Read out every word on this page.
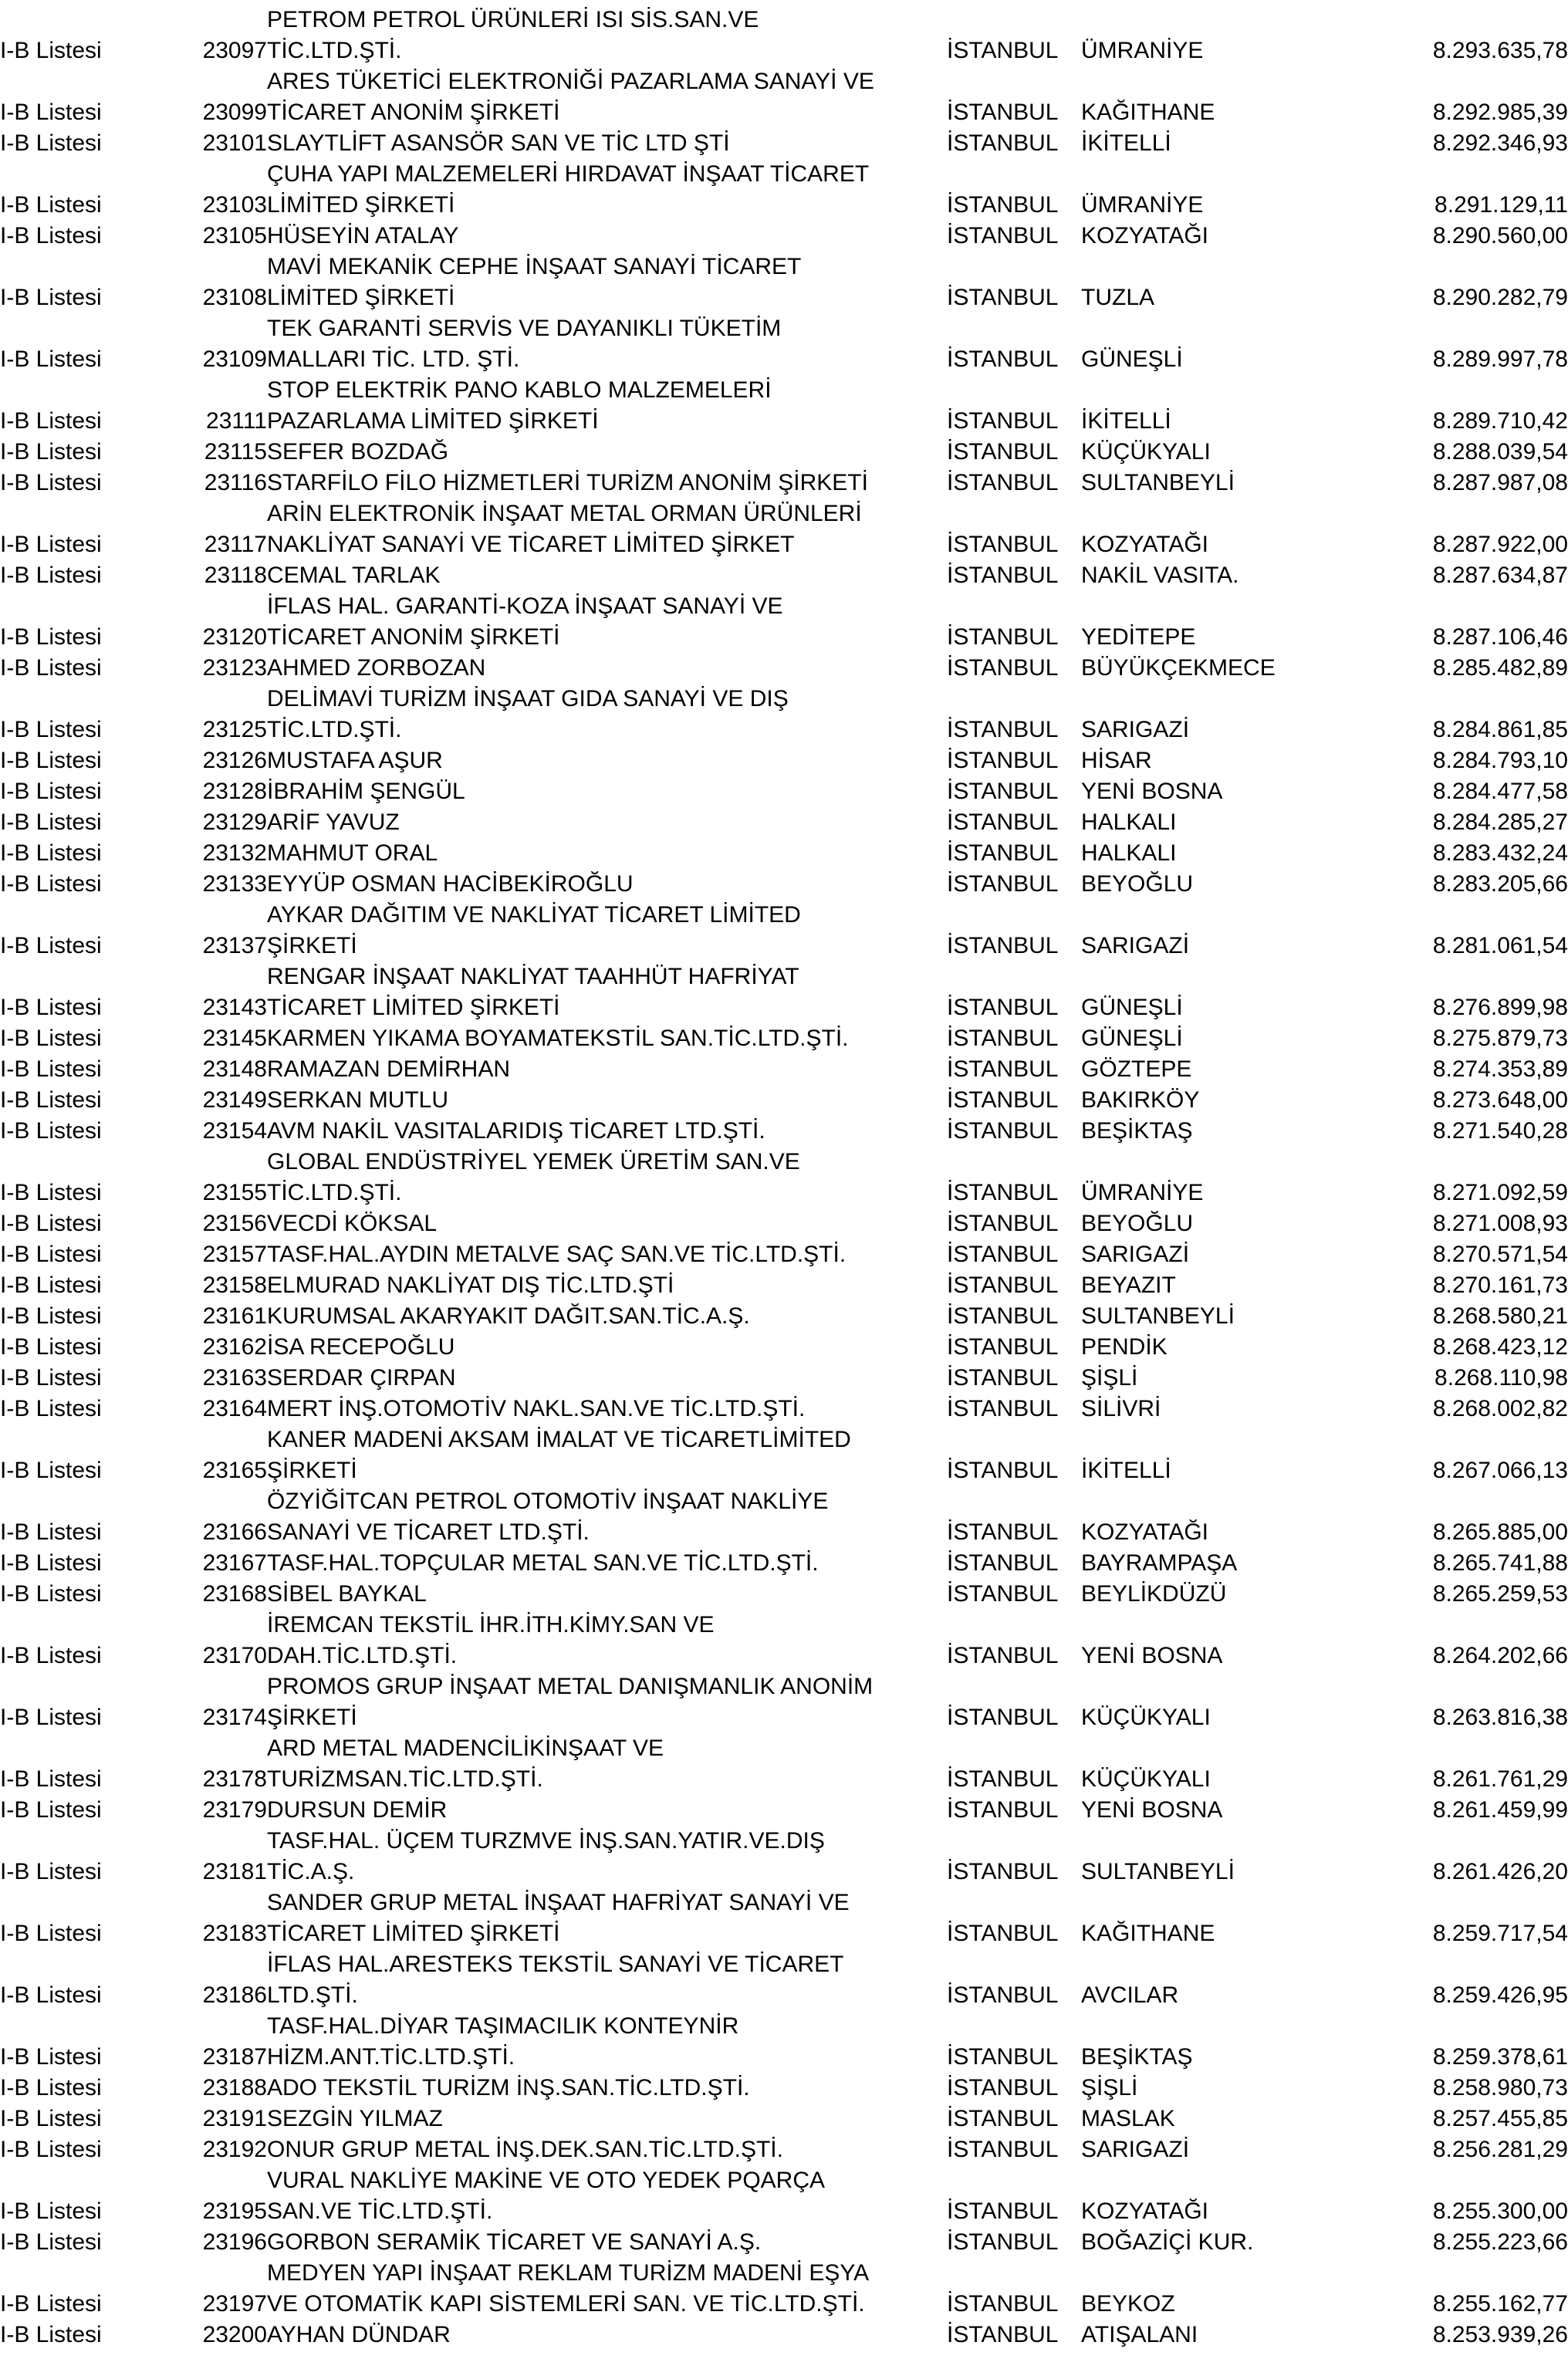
I-B Listesi	23097	PETROM PETROL ÜRÜNLERİ ISI SİS.SAN.VE
TİC.LTD.ŞTİ.	İSTANBUL	ÜMRANİYE	8.293.635,78
I-B Listesi	23099	ARES TÜKETİCİ ELEKTRONİĞİ PAZARLAMA SANAYİ VE
TİCARET ANONİM ŞİRKETİ	İSTANBUL	KAĞITHANE	8.292.985,39
I-B Listesi	23101	SLAYTLİFT ASANSÖR SAN VE TİC LTD ŞTİ	İSTANBUL	İKİTELLİ	8.292.346,93
I-B Listesi	23103	ÇUHA YAPI MALZEMELERİ HIRDAVAT İNŞAAT TİCARET
LİMİTED ŞİRKETİ	İSTANBUL	ÜMRANİYE	8.291.129,11
I-B Listesi	23105	HÜSEYİN ATALAY	İSTANBUL	KOZYATAĞI	8.290.560,00
I-B Listesi	23108	MAVİ MEKANİK CEPHE İNŞAAT SANAYİ TİCARET
LİMİTED ŞİRKETİ	İSTANBUL	TUZLA	8.290.282,79
I-B Listesi	23109	TEK GARANTİ SERVİS VE DAYANIKLI TÜKETİM
MALLARI TİC. LTD. ŞTİ.	İSTANBUL	GÜNEŞLİ	8.289.997,78
I-B Listesi	23111	STOP ELEKTRİK PANO KABLO MALZEMELERİ
PAZARLAMA LİMİTED ŞİRKETİ	İSTANBUL	İKİTELLİ	8.289.710,42
I-B Listesi	23115	SEFER BOZDAĞ	İSTANBUL	KÜÇÜKYALI	8.288.039,54
I-B Listesi	23116	STARFİLO FİLO HİZMETLERİ TURİZM ANONİM ŞİRKETİ	İSTANBUL	SULTANBEYLİ	8.287.987,08
I-B Listesi	23117	ARİN ELEKTRONİK İNŞAAT METAL ORMAN ÜRÜNLERİ
NAKLİYAT SANAYİ VE TİCARET LİMİTED ŞİRKET	İSTANBUL	KOZYATAĞI	8.287.922,00
I-B Listesi	23118	CEMAL TARLAK	İSTANBUL	NAKİL VASITA.	8.287.634,87
I-B Listesi	23120	İFLAS HAL. GARANTİ-KOZA İNŞAAT SANAYİ VE
TİCARET ANONİM ŞİRKETİ	İSTANBUL	YEDİTEPE	8.287.106,46
I-B Listesi	23123	AHMED ZORBOZAN	İSTANBUL	BÜYÜKÇEKMECE	8.285.482,89
I-B Listesi	23125	DELİMAVİ TURİZM İNŞAAT GIDA SANAYİ VE DIŞ
TİC.LTD.ŞTİ.	İSTANBUL	SARIGAZİ	8.284.861,85
I-B Listesi	23126	MUSTAFA AŞUR	İSTANBUL	HİSAR	8.284.793,10
I-B Listesi	23128	İBRAHİM ŞENGÜL	İSTANBUL	YENİ BOSNA	8.284.477,58
I-B Listesi	23129	ARİF YAVUZ	İSTANBUL	HALKALI	8.284.285,27
I-B Listesi	23132	MAHMUT ORAL	İSTANBUL	HALKALI	8.283.432,24
I-B Listesi	23133	EYYÜP OSMAN HACİBEKİROĞLU	İSTANBUL	BEYOĞLU	8.283.205,66
I-B Listesi	23137	AYKAR DAĞITIM VE NAKLİYAT TİCARET LİMİTED
ŞİRKETİ	İSTANBUL	SARIGAZİ	8.281.061,54
I-B Listesi	23143	RENGAR İNŞAAT NAKLİYAT TAAHHÜT HAFRİYAT
TİCARET LİMİTED ŞİRKETİ	İSTANBUL	GÜNEŞLİ	8.276.899,98
I-B Listesi	23145	KARMEN YIKAMA BOYAMATEKSTİL SAN.TİC.LTD.ŞTİ.	İSTANBUL	GÜNEŞLİ	8.275.879,73
I-B Listesi	23148	RAMAZAN DEMİRHAN	İSTANBUL	GÖZTEPE	8.274.353,89
I-B Listesi	23149	SERKAN MUTLU	İSTANBUL	BAKIRKÖY	8.273.648,00
I-B Listesi	23154	AVM NAKİL VASITALARIDIŞ TİCARET LTD.ŞTİ.	İSTANBUL	BEŞİKTAŞ	8.271.540,28
I-B Listesi	23155	GLOBAL ENDÜSTRİYEL YEMEK ÜRETİM SAN.VE
TİC.LTD.ŞTİ.	İSTANBUL	ÜMRANİYE	8.271.092,59
I-B Listesi	23156	VECDİ KÖKSAL	İSTANBUL	BEYOĞLU	8.271.008,93
I-B Listesi	23157	TASF.HAL.AYDIN METALVE SAÇ SAN.VE TİC.LTD.ŞTİ.	İSTANBUL	SARIGAZİ	8.270.571,54
I-B Listesi	23158	ELMURAD NAKLİYAT DIŞ TİC.LTD.ŞTİ	İSTANBUL	BEYAZIT	8.270.161,73
I-B Listesi	23161	KURUMSAL AKARYAKIT DAĞIT.SAN.TİC.A.Ş.	İSTANBUL	SULTANBEYLİ	8.268.580,21
I-B Listesi	23162	İSA RECEPOĞLU	İSTANBUL	PENDİK	8.268.423,12
I-B Listesi	23163	SERDAR ÇIRPAN	İSTANBUL	ŞİŞLİ	8.268.110,98
I-B Listesi	23164	MERT İNŞ.OTOMOTİV NAKL.SAN.VE TİC.LTD.ŞTİ.	İSTANBUL	SİLİVRİ	8.268.002,82
I-B Listesi	23165	KANER MADENİ AKSAM İMALAT VE TİCARETLİMİTED
ŞİRKETİ	İSTANBUL	İKİTELLİ	8.267.066,13
I-B Listesi	23166	ÖZYİĞİTCAN PETROL OTOMOTİV İNŞAAT NAKLİYE
SANAYİ VE TİCARET LTD.ŞTİ.	İSTANBUL	KOZYATAĞI	8.265.885,00
I-B Listesi	23167	TASF.HAL.TOPÇULAR METAL SAN.VE TİC.LTD.ŞTİ.	İSTANBUL	BAYRAMPAŞA	8.265.741,88
I-B Listesi	23168	SİBEL BAYKAL	İSTANBUL	BEYLİKDÜZÜ	8.265.259,53
I-B Listesi	23170	İREMCAN TEKSTİL İHR.İTH.KİMY.SAN VE
DAH.TİC.LTD.ŞTİ.	İSTANBUL	YENİ BOSNA	8.264.202,66
I-B Listesi	23174	PROMOS GRUP İNŞAAT METAL DANIŞMANLIK ANONİM
ŞİRKETİ	İSTANBUL	KÜÇÜKYALI	8.263.816,38
I-B Listesi	23178	ARD METAL MADENCİLİKİNŞAAT VE
TURİZMSAN.TİC.LTD.ŞTİ.	İSTANBUL	KÜÇÜKYALI	8.261.761,29
I-B Listesi	23179	DURSUN DEMİR	İSTANBUL	YENİ BOSNA	8.261.459,99
I-B Listesi	23181	TASF.HAL. ÜÇEM TURZMVE İNŞ.SAN.YATIR.VE.DIŞ
TİC.A.Ş.	İSTANBUL	SULTANBEYLİ	8.261.426,20
I-B Listesi	23183	SANDER GRUP METAL İNŞAAT HAFRİYAT SANAYİ VE
TİCARET LİMİTED ŞİRKETİ	İSTANBUL	KAĞITHANE	8.259.717,54
I-B Listesi	23186	İFLAS HAL.ARESTEKS TEKSTİL SANAYİ VE TİCARET
LTD.ŞTİ.	İSTANBUL	AVCILAR	8.259.426,95
I-B Listesi	23187	TASF.HAL.DİYAR TAŞIMACILIK KONTEYNİR
HİZM.ANT.TİC.LTD.ŞTİ.	İSTANBUL	BEŞİKTAŞ	8.259.378,61
I-B Listesi	23188	ADO TEKSTİL TURİZM İNŞ.SAN.TİC.LTD.ŞTİ.	İSTANBUL	ŞİŞLİ	8.258.980,73
I-B Listesi	23191	SEZGİN YILMAZ	İSTANBUL	MASLAK	8.257.455,85
I-B Listesi	23192	ONUR GRUP METAL İNŞ.DEK.SAN.TİC.LTD.ŞTİ.	İSTANBUL	SARIGAZİ	8.256.281,29
I-B Listesi	23195	VURAL NAKLİYE MAKİNE VE OTO YEDEK PQARÇA
SAN.VE TİC.LTD.ŞTİ.	İSTANBUL	KOZYATAĞI	8.255.300,00
I-B Listesi	23196	GORBON SERAMİK TİCARET VE SANAYİ A.Ş.	İSTANBUL	BOĞAZİÇİ KUR.	8.255.223,66
I-B Listesi	23197	MEDYEN YAPI İNŞAAT REKLAM TURİZM MADENİ EŞYA
VE OTOMATİK KAPI SİSTEMLERİ SAN. VE TİC.LTD.ŞTİ.	İSTANBUL	BEYKOZ	8.255.162,77
I-B Listesi	23200	AYHAN DÜNDAR	İSTANBUL	ATIŞALANI	8.253.939,26
